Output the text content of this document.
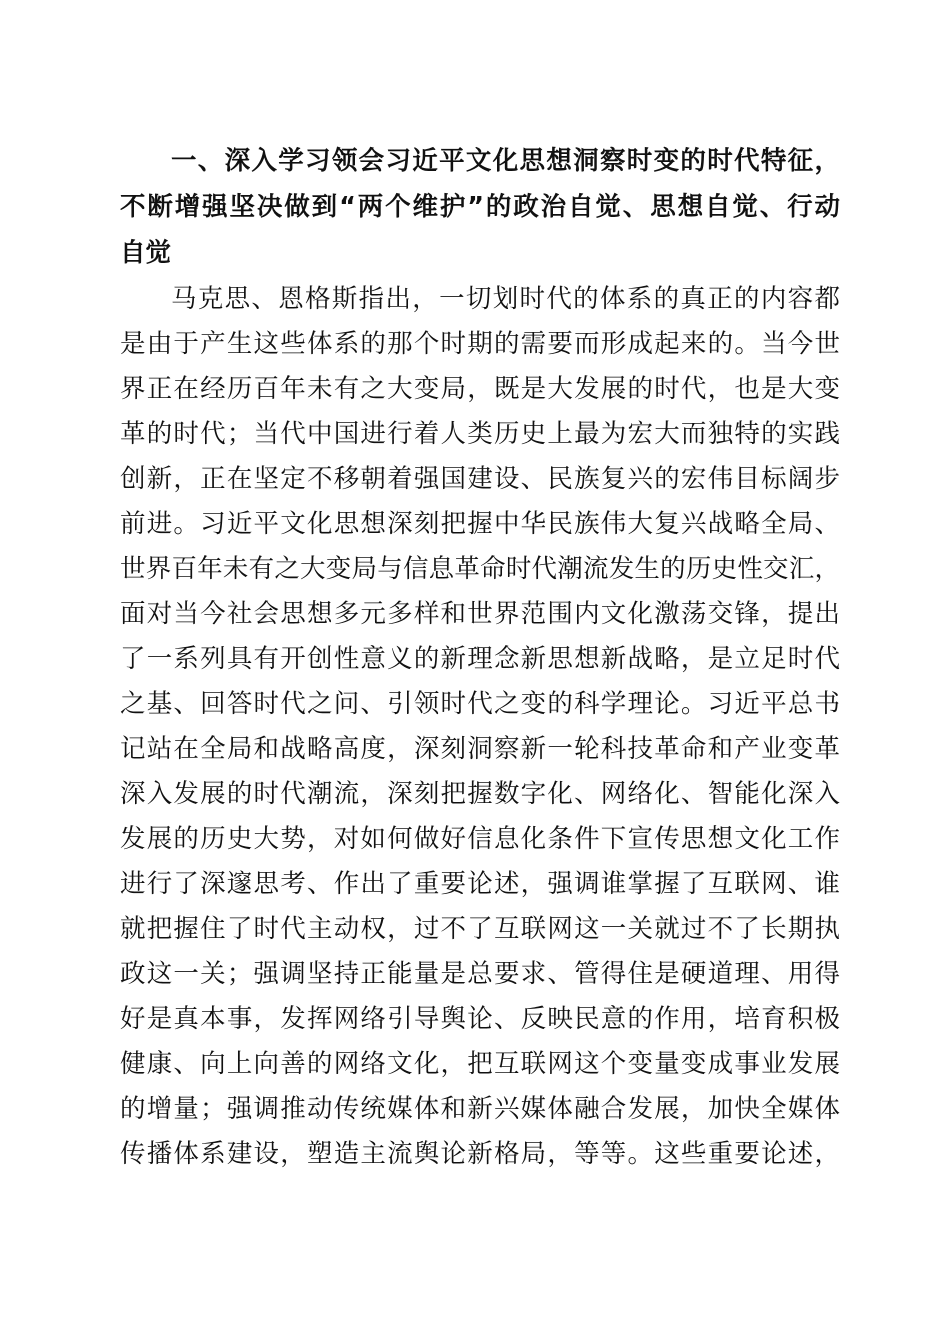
一、深入学习领会习近平文化思想洞察时变的时代特征，
不断增强坚决做到“两个维护”的政治自觉、思想自觉、行动
自觉
马克思、恩格斯指出，一切划时代的体系的真正的内容都
是由于产生这些体系的那个时期的需要而形成起来的。当今世
界正在经历百年未有之大变局，既是大发展的时代，也是大变
革的时代；当代中国进行着人类历史上最为宏大而独特的实践
创新，正在坚定不移朝着强国建设、民族复兴的宏伟目标阔步
前进。习近平文化思想深刻把握中华民族伟大复兴战略全局、
世界百年未有之大变局与信息革命时代潮流发生的历史性交汇，
面对当今社会思想多元多样和世界范围内文化激荡交锋，提出
了一系列具有开创性意义的新理念新思想新战略，是立足时代
之基、回答时代之问、引领时代之变的科学理论。习近平总书
记站在全局和战略高度，深刻洞察新一轮科技革命和产业变革
深入发展的时代潮流，深刻把握数字化、网络化、智能化深入
发展的历史大势，对如何做好信息化条件下宣传思想文化工作
进行了深邃思考、作出了重要论述，强调谁掌握了互联网、谁
就把握住了时代主动权，过不了互联网这一关就过不了长期执
政这一关；强调坚持正能量是总要求、管得住是硬道理、用得
好是真本事，发挥网络引导舆论、反映民意的作用，培育积极
健康、向上向善的网络文化，把互联网这个变量变成事业发展
的增量；强调推动传统媒体和新兴媒体融合发展，加快全媒体
传播体系建设，塑造主流舆论新格局，等等。这些重要论述，
